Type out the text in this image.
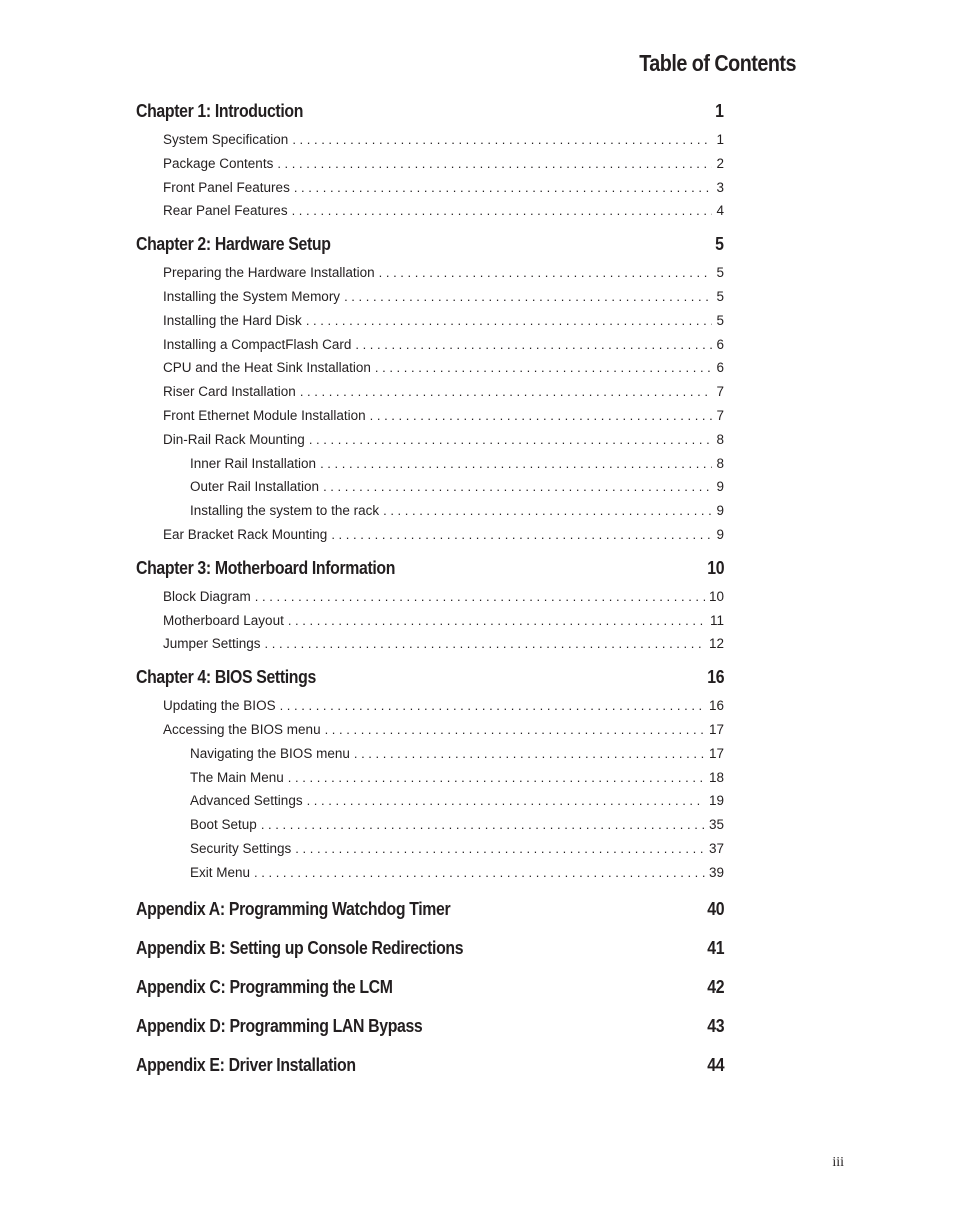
Table of Contents
Chapter 1: Introduction	1
System Specification . . .	1
Package Contents . . .	2
Front Panel Features . . .	3
Rear Panel Features . . .	4
Chapter 2: Hardware Setup	5
Preparing the Hardware Installation . . .	5
Installing the System Memory . . .	5
Installing the Hard Disk . . .	5
Installing a CompactFlash Card . . .	6
CPU and the Heat Sink Installation . . .	6
Riser Card Installation . . .	7
Front Ethernet Module Installation . . .	7
Din-Rail Rack Mounting . . .	8
Inner Rail Installation . . .	8
Outer Rail Installation . . .	9
Installing the system to the rack . . .	9
Ear Bracket Rack Mounting . . .	9
Chapter 3: Motherboard Information	10
Block Diagram . . .	10
Motherboard Layout . . .	11
Jumper Settings . . .	12
Chapter 4: BIOS Settings	16
Updating the BIOS . . .	16
Accessing the BIOS menu . . .	17
Navigating the BIOS menu . . .	17
The Main Menu . . .	18
Advanced Settings . . .	19
Boot Setup . . .	35
Security Settings . . .	37
Exit Menu . . .	39
Appendix A: Programming Watchdog Timer	40
Appendix B: Setting up Console Redirections	41
Appendix C: Programming the LCM	42
Appendix D: Programming LAN Bypass	43
Appendix E: Driver Installation	44
iii
